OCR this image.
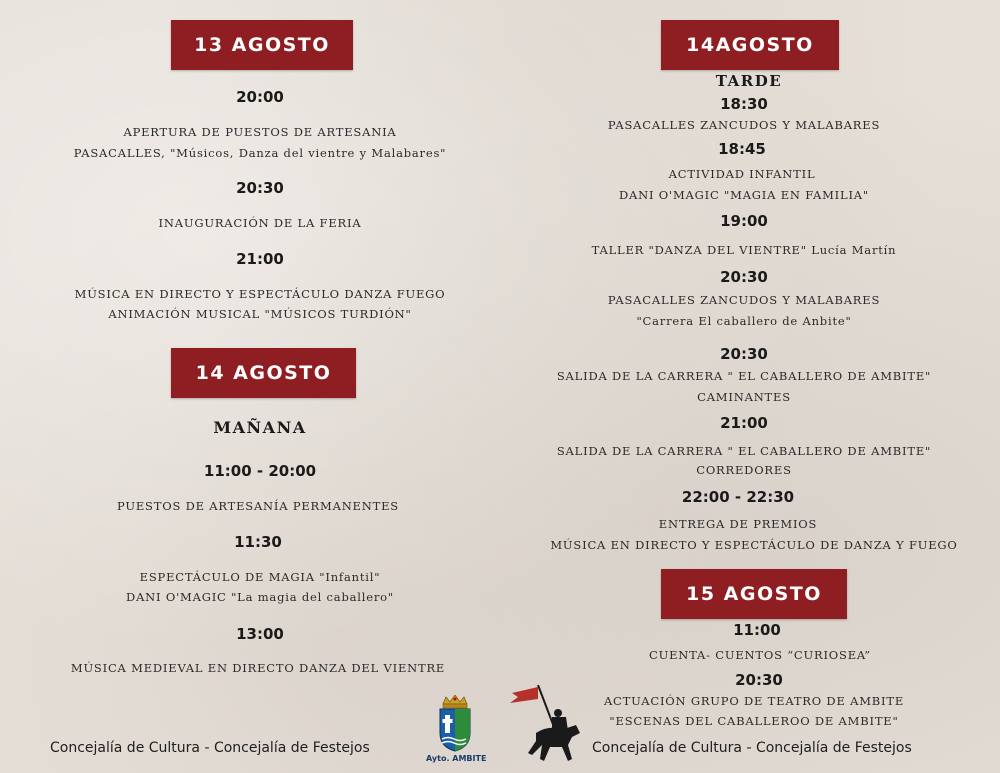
13 AGOSTO
20:00
APERTURA DE PUESTOS DE ARTESANIA
PASACALLES, "Músicos, Danza del vientre y Malabares"
20:30
INAUGURACIÓN DE LA FERIA
21:00
MÚSICA EN DIRECTO Y ESPECTÁCULO DANZA FUEGO
ANIMACIÓN MUSICAL "MÚSICOS TURDIÓN"
14 AGOSTO
MAÑANA
11:00 - 20:00
PUESTOS DE ARTESANÍA PERMANENTES
11:30
ESPECTÁCULO DE MAGIA "Infantil"
DANI O'MAGIC "La magia del caballero"
13:00
MÚSICA MEDIEVAL EN DIRECTO DANZA DEL VIENTRE
Concejalía de Cultura - Concejalía de Festejos
Ayto. AMBITE
14AGOSTO
TARDE
18:30
PASACALLES ZANCUDOS Y MALABARES
18:45
ACTIVIDAD INFANTIL
DANI O'MAGIC "MAGIA EN FAMILIA"
19:00
TALLER "DANZA DEL VIENTRE" Lucía Martín
20:30
PASACALLES ZANCUDOS Y MALABARES
"Carrera El caballero de Anbite"
20:30
SALIDA DE LA CARRERA " EL CABALLERO DE AMBITE"
CAMINANTES
21:00
SALIDA DE LA CARRERA " EL CABALLERO DE AMBITE"
CORREDORES
22:00 - 22:30
ENTREGA DE PREMIOS
MÚSICA EN DIRECTO Y ESPECTÁCULO DE DANZA Y FUEGO
15 AGOSTO
11:00
CUENTA- CUENTOS “CURIOSEA”
20:30
ACTUACIÓN GRUPO DE TEATRO DE AMBITE
"ESCENAS DEL CABALLEROO DE AMBITE"
Concejalía de Cultura - Concejalía de Festejos
